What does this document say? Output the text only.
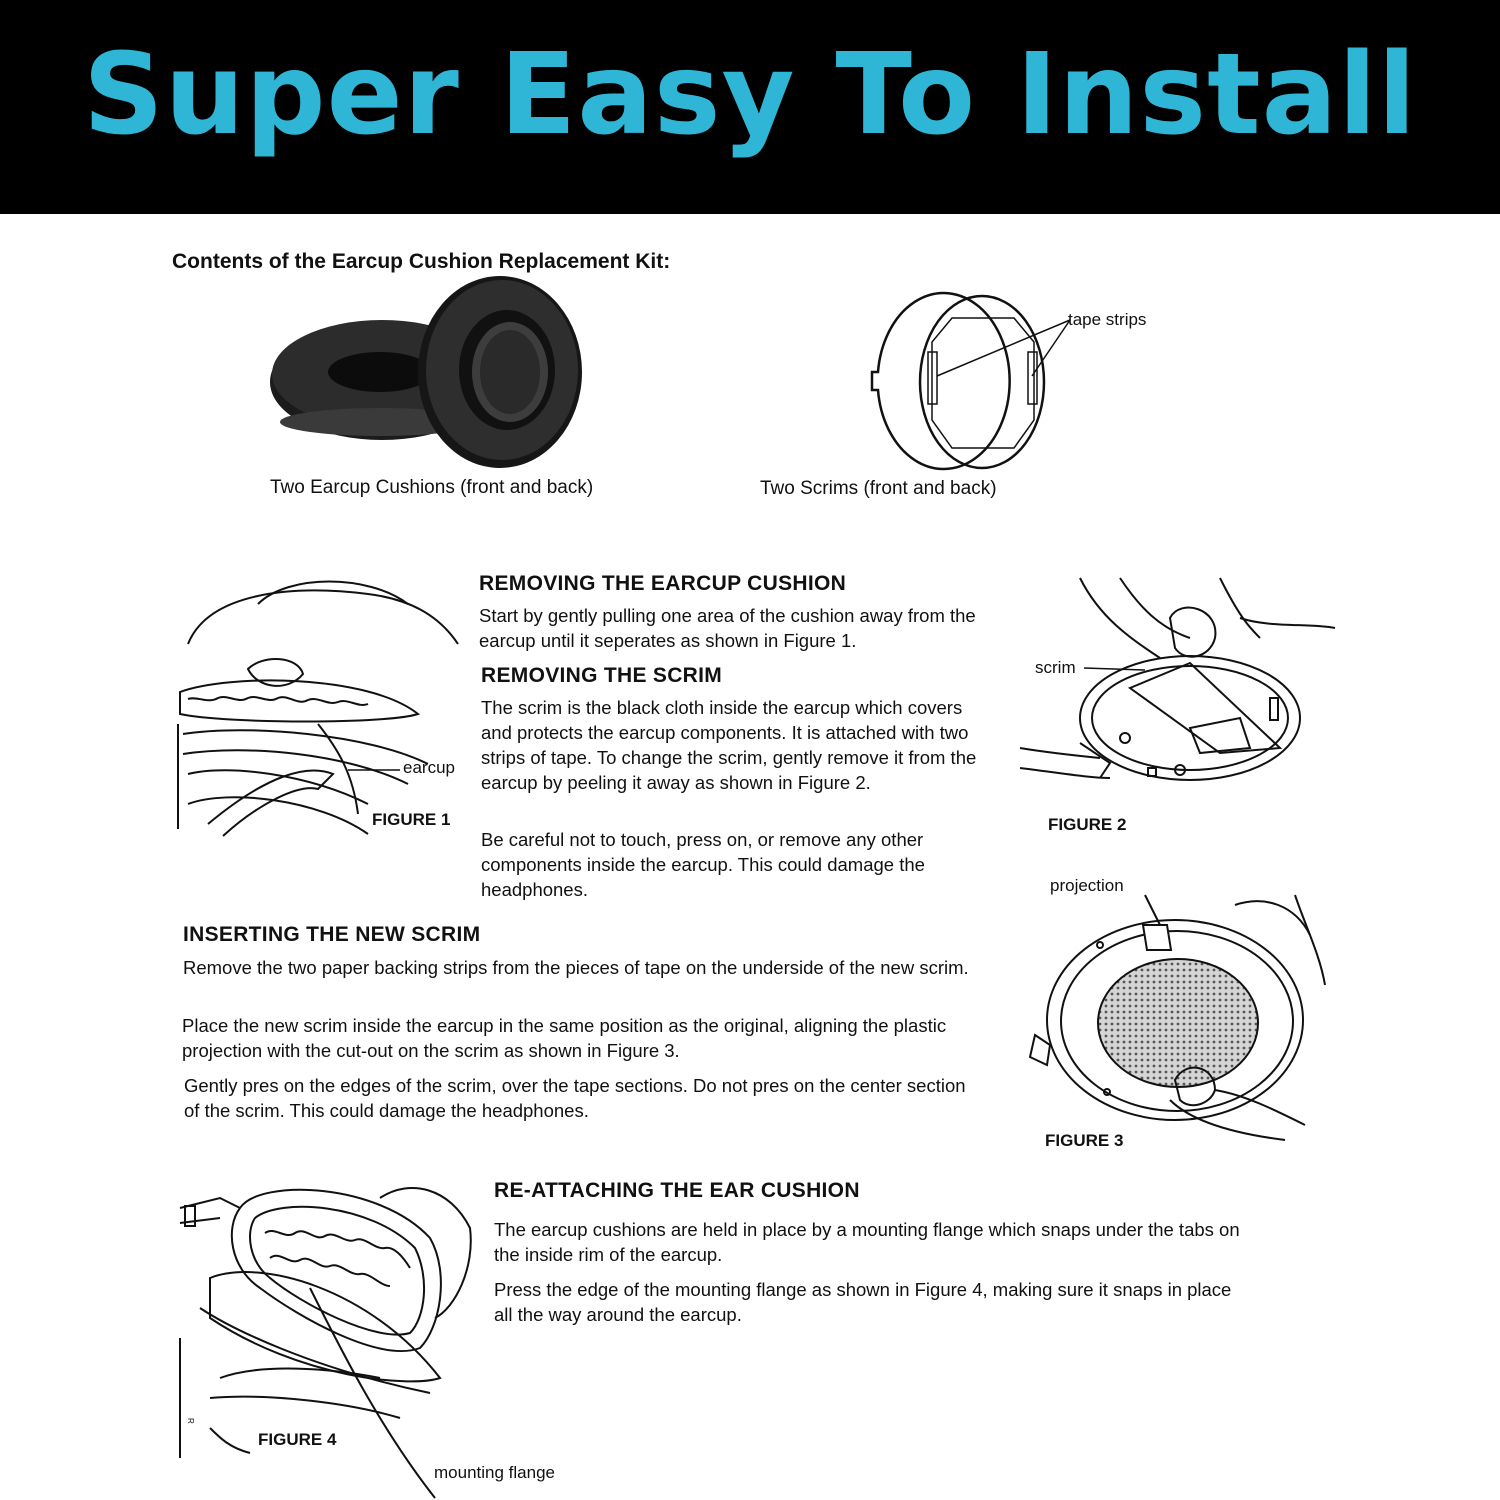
Super Easy To Install
Contents of the Earcup Cushion Replacement Kit:
tape strips
Two Earcup Cushions (front and back)	Two Scrims (front and back)
earcup
FIGURE 1
REMOVING THE EARCUP CUSHION

Start by gently pulling one area of the cushion away from the earcup until it seperates as shown in Figure 1.

REMOVING THE SCRIM

The scrim is the black cloth inside the earcup which covers and protects the earcup components. It is attached with two strips of tape. To change the scrim, gently remove it from the earcup by peeling it away as shown in Figure 2.

Be careful not to touch, press on, or remove any other components inside the earcup. This could damage the headphones.

scrim
FIGURE 2
INSERTING THE NEW SCRIM

Remove the two paper backing strips from the pieces of tape on the underside of the new scrim.

Place the new scrim inside the earcup in the same position as the original, aligning the plastic projection with the cut-out on the scrim as shown in Figure 3.

Gently pres on the edges of the scrim, over the tape sections. Do not pres on the center section of the scrim. This could damage the headphones.

projection
FIGURE 3
RE-ATTACHING THE EAR CUSHION

The earcup cushions are held in place by a mounting flange which snaps under the tabs on the inside rim of the earcup.

Press the edge of the mounting flange as shown in Figure 4, making sure it snaps in place all the way around the earcup.

R
FIGURE 4
mounting flange
